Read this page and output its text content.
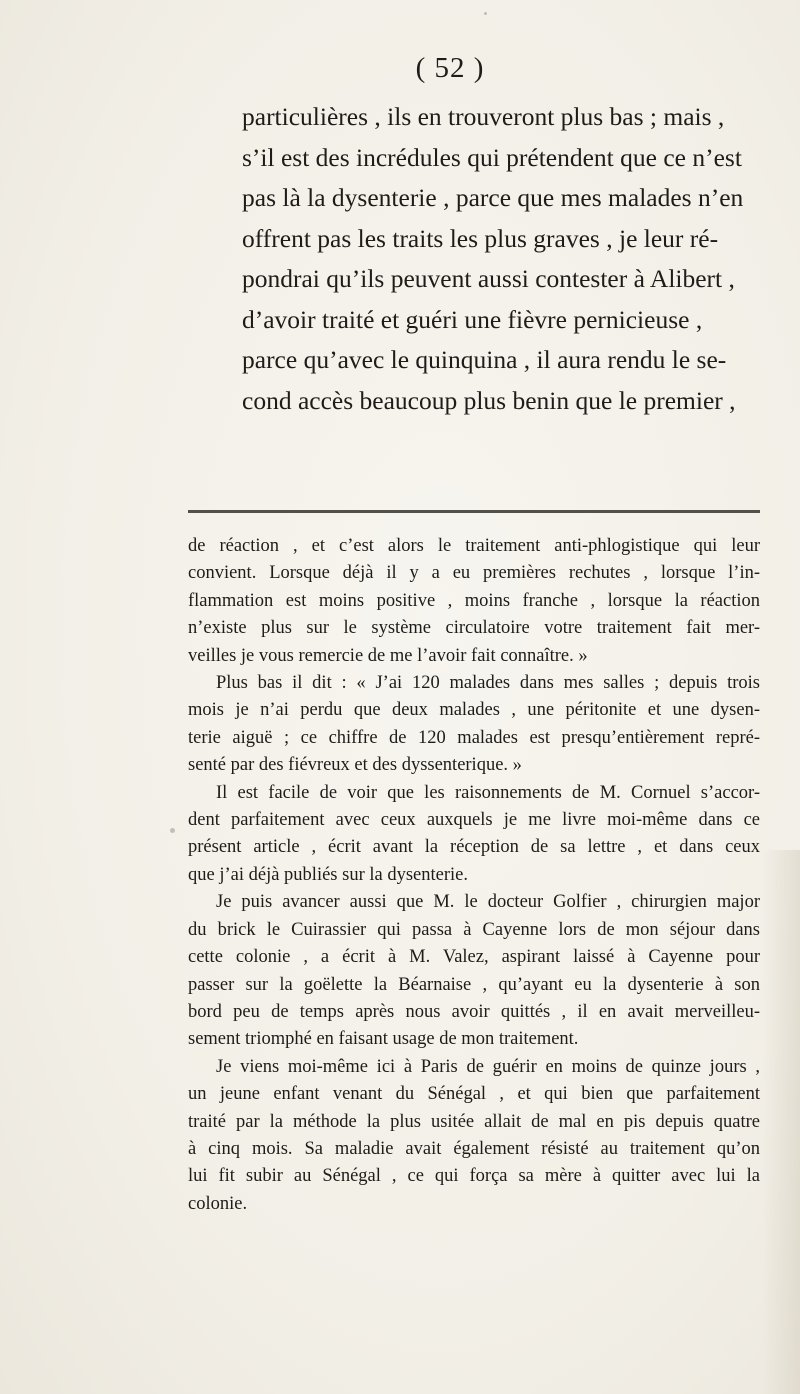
( 52 )
particulières , ils en trouveront plus bas ; mais ,
s’il est des incrédules qui prétendent que ce n’est
pas là la dysenterie , parce que mes malades n’en
offrent pas les traits les plus graves , je leur ré-
pondrai qu’ils peuvent aussi contester à Alibert ,
d’avoir traité et guéri une fièvre pernicieuse ,
parce qu’avec le quinquina , il aura rendu le se-
cond accès beaucoup plus benin que le premier ,
de réaction , et c’est alors le traitement anti-phlogistique qui leur
convient. Lorsque déjà il y a eu premières rechutes , lorsque l’in-
flammation est moins positive , moins franche , lorsque la réaction
n’existe plus sur le système circulatoire votre traitement fait mer-
veilles je vous remercie de me l’avoir fait connaître. »
Plus bas il dit : « J’ai 120 malades dans mes salles ; depuis trois
mois je n’ai perdu que deux malades , une péritonite et une dysen-
terie aiguë ; ce chiffre de 120 malades est presqu’entièrement repré-
senté par des fiévreux et des dyssenterique. »
Il est facile de voir que les raisonnements de M. Cornuel s’accor-
dent parfaitement avec ceux auxquels je me livre moi-même dans ce
présent article , écrit avant la réception de sa lettre , et dans ceux
que j’ai déjà publiés sur la dysenterie.
Je puis avancer aussi que M. le docteur Golfier , chirurgien major
du brick le Cuirassier qui passa à Cayenne lors de mon séjour dans
cette colonie , a écrit à M. Valez, aspirant laissé à Cayenne pour
passer sur la goëlette la Béarnaise , qu’ayant eu la dysenterie à son
bord peu de temps après nous avoir quittés , il en avait merveilleu-
sement triomphé en faisant usage de mon traitement.
Je viens moi-même ici à Paris de guérir en moins de quinze jours ,
un jeune enfant venant du Sénégal , et qui bien que parfaitement
traité par la méthode la plus usitée allait de mal en pis depuis quatre
à cinq mois. Sa maladie avait également résisté au traitement qu’on
lui fit subir au Sénégal , ce qui força sa mère à quitter avec lui la
colonie.
